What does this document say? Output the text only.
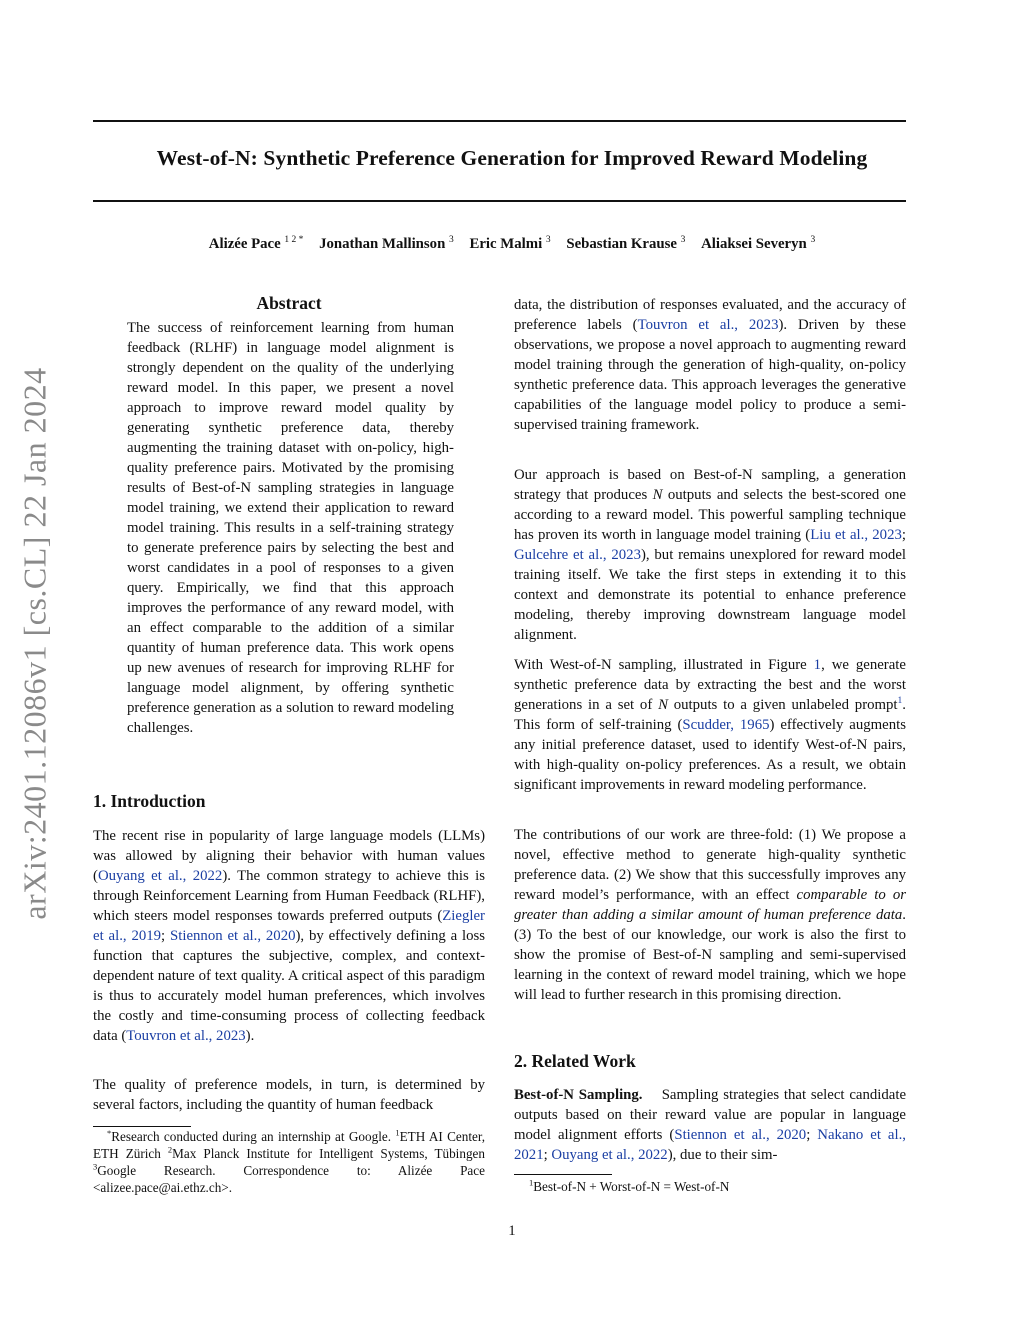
arXiv:2401.12086v1 [cs.CL] 22 Jan 2024
West-of-N: Synthetic Preference Generation for Improved Reward Modeling
Alizée Pace $^{1 2 *}$ Jonathan Mallinson $^3$ Eric Malmi $^3$ Sebastian Krause $^3$ Aliaksei Severyn $^3$
Abstract

The success of reinforcement learning from human feedback (RLHF) in language model alignment is strongly dependent on the quality of the underlying reward model. In this paper, we present a novel approach to improve reward model quality by generating synthetic preference data, thereby augmenting the training dataset with on-policy, high-quality preference pairs. Motivated by the promising results of Best-of-N sampling strategies in language model training, we extend their application to reward model training. This results in a self-training strategy to generate preference pairs by selecting the best and worst candidates in a pool of responses to a given query. Empirically, we find that this approach improves the performance of any reward model, with an effect comparable to the addition of a similar quantity of human preference data. This work opens up new avenues of research for improving RLHF for language model alignment, by offering synthetic preference generation as a solution to reward modeling challenges.

1. Introduction

The recent rise in popularity of large language models (LLMs) was allowed by aligning their behavior with human values (Ouyang et al., 2022). The common strategy to achieve this is through Reinforcement Learning from Human Feedback (RLHF), which steers model responses towards preferred outputs (Ziegler et al., 2019; Stiennon et al., 2020), by effectively defining a loss function that captures the subjective, complex, and context-dependent nature of text quality. A critical aspect of this paradigm is thus to accurately model human preferences, which involves the costly and time-consuming process of collecting feedback data (Touvron et al., 2023).

The quality of preference models, in turn, is determined by several factors, including the quantity of human feedback

*Research conducted during an internship at Google. $^1$ETH AI Center, ETH Zürich $^2$Max Planck Institute for Intelligent Systems, Tübingen $^3$Google Research. Correspondence to: Alizée Pace <alizee.pace@ai.ethz.ch>.

data, the distribution of responses evaluated, and the accuracy of preference labels (Touvron et al., 2023). Driven by these observations, we propose a novel approach to augmenting reward model training through the generation of high-quality, on-policy synthetic preference data. This approach leverages the generative capabilities of the language model policy to produce a semi-supervised training framework.

Our approach is based on Best-of-N sampling, a generation strategy that produces N outputs and selects the best-scored one according to a reward model. This powerful sampling technique has proven its worth in language model training (Liu et al., 2023; Gulcehre et al., 2023), but remains unexplored for reward model training itself. We take the first steps in extending it to this context and demonstrate its potential to enhance preference modeling, thereby improving downstream language model alignment.

With West-of-N sampling, illustrated in Figure 1, we generate synthetic preference data by extracting the best and the worst generations in a set of N outputs to a given unlabeled prompt$^1$. This form of self-training (Scudder, 1965) effectively augments any initial preference dataset, used to identify West-of-N pairs, with high-quality on-policy preferences. As a result, we obtain significant improvements in reward modeling performance.

The contributions of our work are three-fold: (1) We propose a novel, effective method to generate high-quality synthetic preference data. (2) We show that this successfully improves any reward model’s performance, with an effect comparable to or greater than adding a similar amount of human preference data. (3) To the best of our knowledge, our work is also the first to show the promise of Best-of-N sampling and semi-supervised learning in the context of reward model training, which we hope will lead to further research in this promising direction.

2. Related Work

Best-of-N Sampling. Sampling strategies that select candidate outputs based on their reward value are popular in language model alignment efforts (Stiennon et al., 2020; Nakano et al., 2021; Ouyang et al., 2022), due to their sim-

$^1$Best-of-N + Worst-of-N = West-of-N

1
